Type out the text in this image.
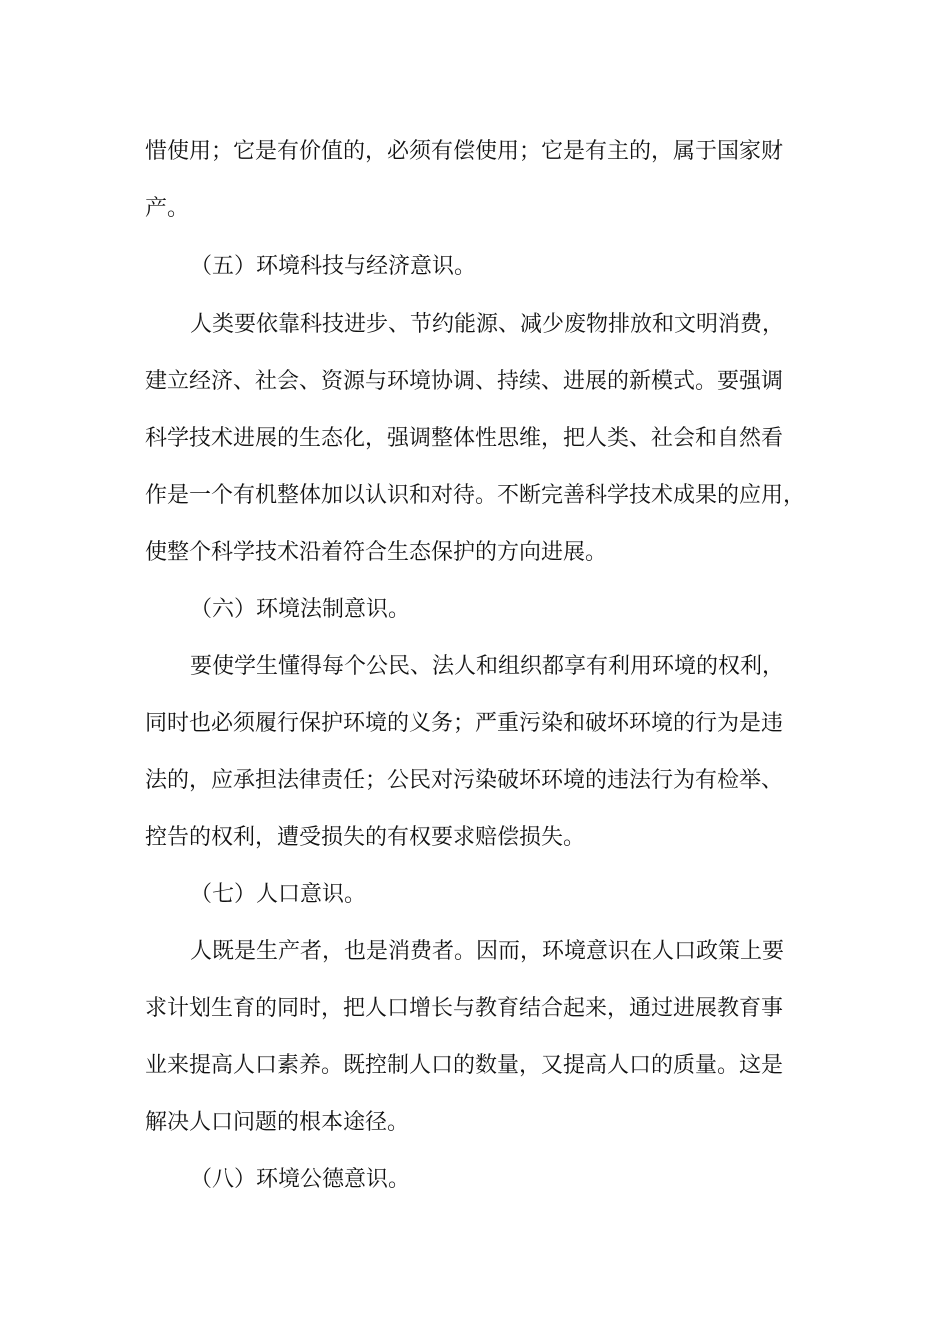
惜使用；它是有价值的，必须有偿使用；它是有主的，属于国家财
产。
（五）环境科技与经济意识。
人类要依靠科技进步、节约能源、减少废物排放和文明消费，
建立经济、社会、资源与环境协调、持续、进展的新模式。要强调
科学技术进展的生态化，强调整体性思维，把人类、社会和自然看
作是一个有机整体加以认识和对待。不断完善科学技术成果的应用，
使整个科学技术沿着符合生态保护的方向进展。
（六）环境法制意识。
要使学生懂得每个公民、法人和组织都享有利用环境的权利，
同时也必须履行保护环境的义务；严重污染和破坏环境的行为是违
法的，应承担法律责任；公民对污染破坏环境的违法行为有检举、
控告的权利，遭受损失的有权要求赔偿损失。
（七）人口意识。
人既是生产者，也是消费者。因而，环境意识在人口政策上要
求计划生育的同时，把人口增长与教育结合起来，通过进展教育事
业来提高人口素养。既控制人口的数量，又提高人口的质量。这是
解决人口问题的根本途径。
（八）环境公德意识。
